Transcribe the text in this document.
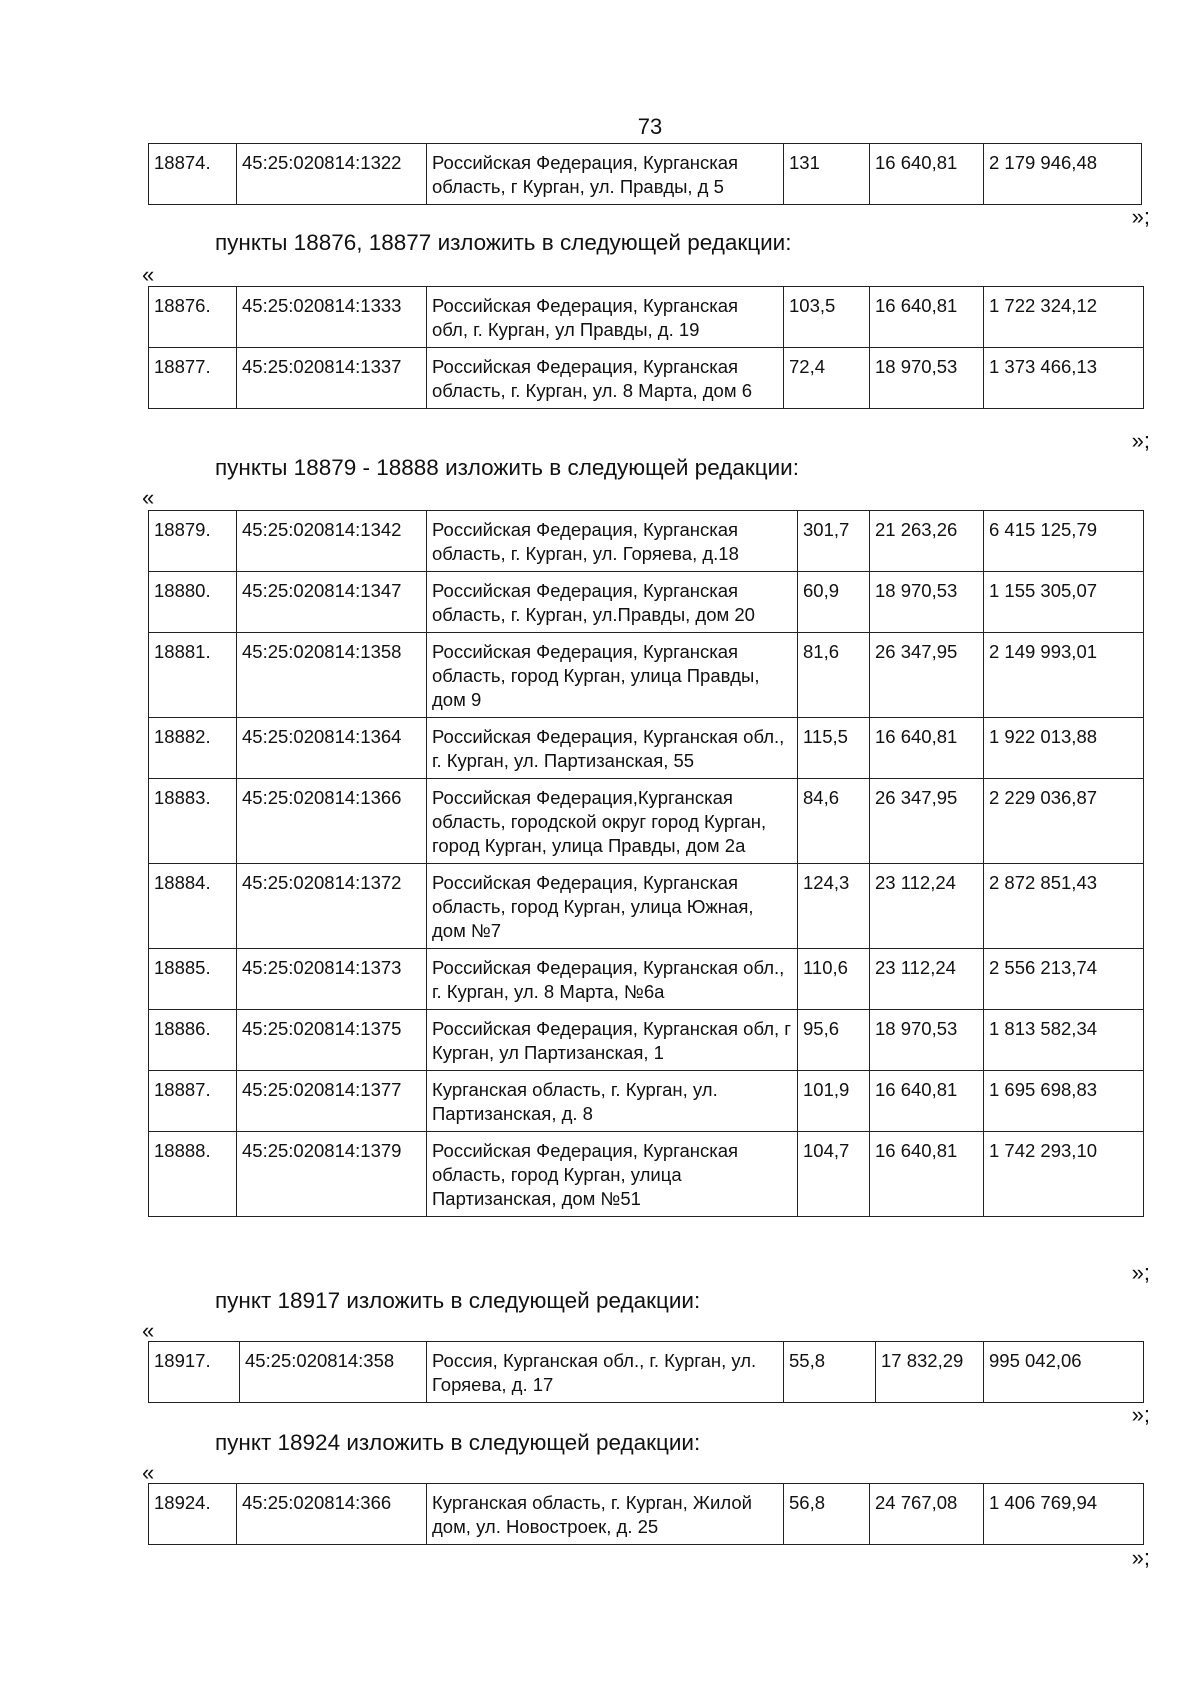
73
18874.	45:25:020814:1322	Российская Федерация, Курганская область, г Курган, ул. Правды, д 5	131	16 640,81	2 179 946,48
»;
пункты 18876, 18877 изложить в следующей редакции:
«
18876.	45:25:020814:1333	Российская Федерация, Курганская обл, г. Курган, ул Правды, д. 19	103,5	16 640,81	1 722 324,12
18877.	45:25:020814:1337	Российская Федерация, Курганская область, г. Курган, ул. 8 Марта, дом 6	72,4	18 970,53	1 373 466,13
»;
пункты 18879 - 18888 изложить в следующей редакции:
«
18879.	45:25:020814:1342	Российская Федерация, Курганская область, г. Курган, ул. Горяева, д.18	301,7	21 263,26	6 415 125,79
18880.	45:25:020814:1347	Российская Федерация, Курганская область, г. Курган, ул.Правды, дом 20	60,9	18 970,53	1 155 305,07
18881.	45:25:020814:1358	Российская Федерация, Курганская область, город Курган, улица Правды, дом 9	81,6	26 347,95	2 149 993,01
18882.	45:25:020814:1364	Российская Федерация, Курганская обл., г. Курган, ул. Партизанская, 55	115,5	16 640,81	1 922 013,88
18883.	45:25:020814:1366	Российская Федерация,Курганская область, городской округ город Курган, город Курган, улица Правды, дом 2а	84,6	26 347,95	2 229 036,87
18884.	45:25:020814:1372	Российская Федерация, Курганская область, город Курган, улица Южная, дом №7	124,3	23 112,24	2 872 851,43
18885.	45:25:020814:1373	Российская Федерация, Курганская обл., г. Курган, ул. 8 Марта, №6а	110,6	23 112,24	2 556 213,74
18886.	45:25:020814:1375	Российская Федерация, Курганская обл, г Курган, ул Партизанская, 1	95,6	18 970,53	1 813 582,34
18887.	45:25:020814:1377	Курганская область, г. Курган, ул. Партизанская, д. 8	101,9	16 640,81	1 695 698,83
18888.	45:25:020814:1379	Российская Федерация, Курганская область, город Курган, улица Партизанская, дом №51	104,7	16 640,81	1 742 293,10
»;
пункт 18917 изложить в следующей редакции:
«
18917.	45:25:020814:358	Россия, Курганская обл., г. Курган, ул. Горяева, д. 17	55,8	17 832,29	995 042,06
»;
пункт 18924 изложить в следующей редакции:
«
18924.	45:25:020814:366	Курганская область, г. Курган, Жилой дом, ул. Новостроек, д. 25	56,8	24 767,08	1 406 769,94
»;
